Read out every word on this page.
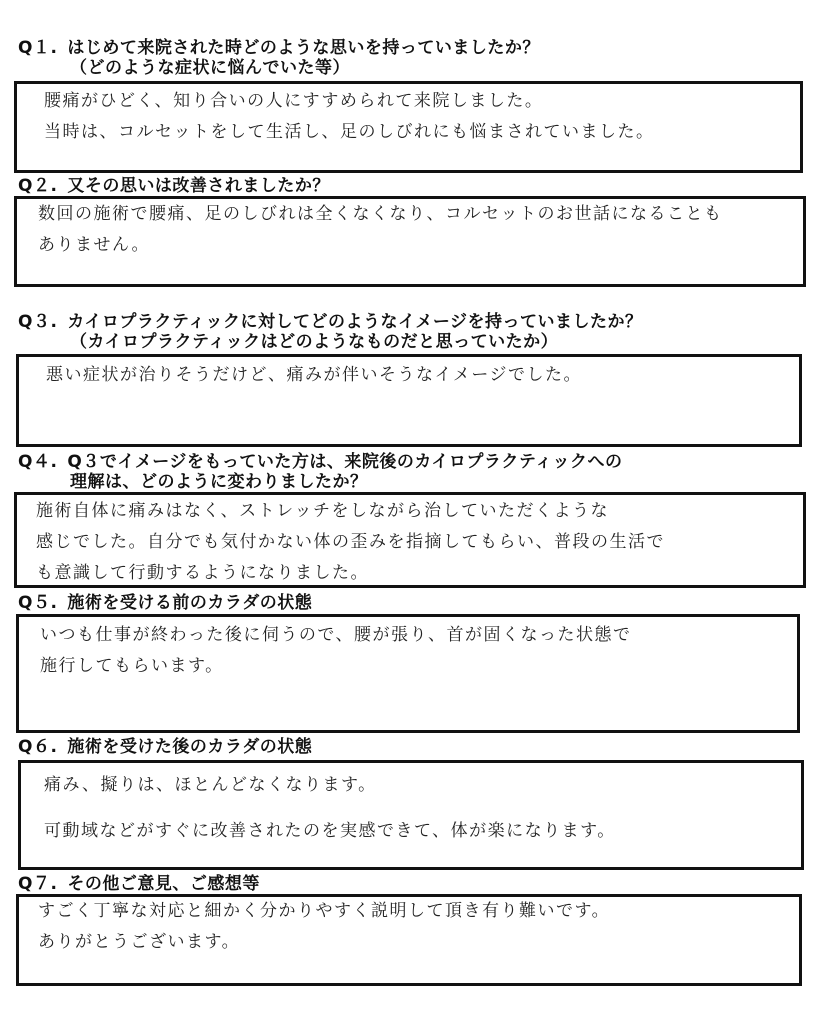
Q１. はじめて来院された時どのような思いを持っていましたか？
（どのような症状に悩んでいた等）
腰痛がひどく、知り合いの人にすすめられて来院しました。
当時は、コルセットをして生活し、足のしびれにも悩まされていました。
Q２. 又その思いは改善されましたか？
数回の施術で腰痛、足のしびれは全くなくなり、コルセットのお世話になることも
ありません。
Q３. カイロプラクティックに対してどのようなイメージを持っていましたか？
（カイロプラクティックはどのようなものだと思っていたか）
悪い症状が治りそうだけど、痛みが伴いそうなイメージでした。
Q４. Q３でイメージをもっていた方は、来院後のカイロプラクティックへの
理解は、どのように変わりましたか？
施術自体に痛みはなく、ストレッチをしながら治していただくような
感じでした。自分でも気付かない体の歪みを指摘してもらい、普段の生活で
も意識して行動するようになりました。
Q５. 施術を受ける前のカラダの状態
いつも仕事が終わった後に伺うので、腰が張り、首が固くなった状態で
施行してもらいます。
Q６. 施術を受けた後のカラダの状態
痛み、擬りは、ほとんどなくなります。
可動域などがすぐに改善されたのを実感できて、体が楽になります。
Q７. その他ご意見、ご感想等
すごく丁寧な対応と細かく分かりやすく説明して頂き有り難いです。
ありがとうございます。
